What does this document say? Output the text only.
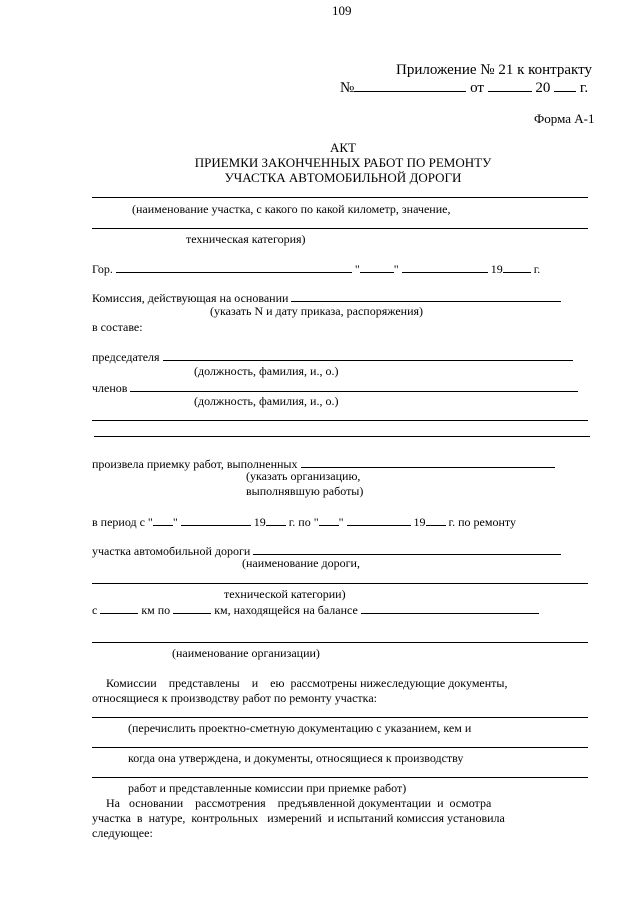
109
Приложение № 21 к контракту
№	от	20 г.
Форма А-1
АКТ
ПРИЕМКИ ЗАКОНЧЕННЫХ РАБОТ ПО РЕМОНТУ
УЧАСТКА АВТОМОБИЛЬНОЙ ДОРОГИ
(наименование участка, с какого по какой километр, значение,
техническая категория)
Гор.	"	"	19	г.
Комиссия, действующая на основании
(указать N и дату приказа, распоряжения)
в составе:
председателя
(должность, фамилия, и., о.)
членов
(должность, фамилия, и., о.)
произвела приемку работ, выполненных
(указать организацию,
выполнявшую работы)
в период с " "	19 г. по " "	19 г. по ремонту
участка автомобильной дороги
(наименование дороги,
технической категории)
с	км по	км, находящейся на балансе
(наименование организации)
Комиссии    представлены    и    ею  рассмотрены нижеследующие документы,
относящиеся к производству работ по ремонту участка:
(перечислить проектно-сметную документацию с указанием, кем и
когда она утверждена, и документы, относящиеся к производству
работ и представленные комиссии при приемке работ)
На   основании    рассмотрения    предъявленной документации  и  осмотра
участка  в  натуре,  контрольных   измерений  и испытаний комиссия установила
следующее:
